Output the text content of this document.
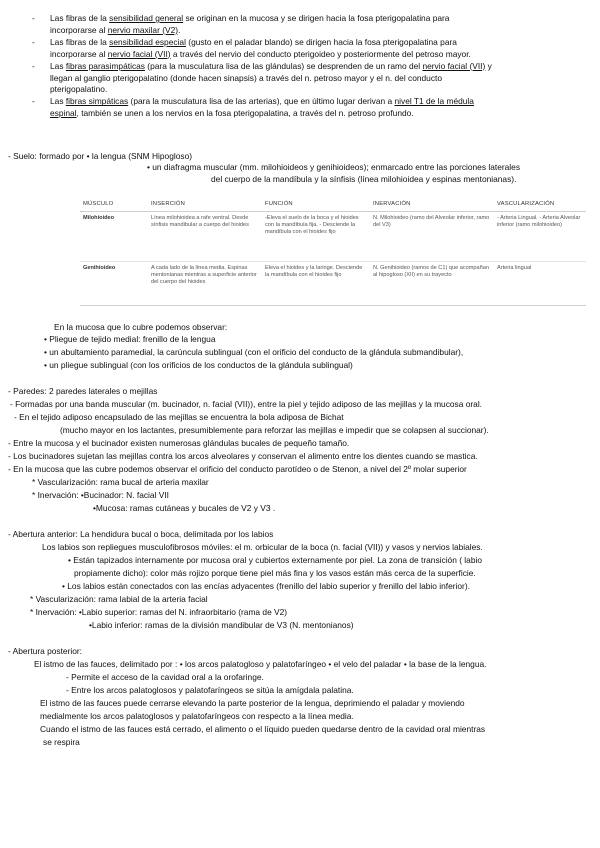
- Las fibras de la sensibilidad general se originan en la mucosa y se dirigen hacia la fosa pterigopalatina para
incorporarse al nervio maxilar (V2).
- Las fibras de la sensibilidad especial (gusto en el paladar blando) se dirigen hacia la fosa pterigopalatina para
incorporarse al nervio facial (VII) a través del nervio del conducto pterigoideo y posteriormente del petroso mayor.
- Las fibras parasimpáticas (para la musculatura lisa de las glándulas) se desprenden de un ramo del nervio facial (VII) y
llegan al ganglio pterigopalatino (donde hacen sinapsis) a través del n. petroso mayor y el n. del conducto
pterigopalatino.
- Las fibras simpáticas (para la musculatura lisa de las arterias), que en último lugar derivan a nivel T1 de la médula
espinal, también se unen a los nervios en la fosa pterigopalatina, a través del n. petroso profundo.
- Suelo: formado por • la lengua (SNM Hipogloso)
• un diafragma muscular (mm. milohioideos y genihioideos); enmarcado entre las porciones laterales
del cuerpo de la mandíbula y la sínfisis (línea milohioidea y espinas mentonianas).
MÚSCULO	INSERCIÓN	FUNCIÓN	INERVACIÓN	VASCULARIZACIÓN
Milohioideo	Línea milohioidea a rafe ventral. Desde sínfisis mandibular a cuerpo del hioides	-Eleva el suelo de la boca y el hioides con la mandíbula fija. - Desciende la mandíbula con el hioides fijo	N. Milohioideo (ramo del Alveolar inferior, ramo del V3)	- Arteria Lingual. - Arteria Alveolar inferior (ramo milohioideo)
Genihioideo	A cada lado de la línea media. Espinas mentonianas mientras a superficie anterior del cuerpo del hioides	Eleva el hioides y la laringe. Desciende la mandíbula con el hioides fijo	N. Genihioideo (ramos de C1) que acompañan al hipogloso (XII) en su trayecto	Arteria lingual
En la mucosa que lo cubre podemos observar:
• Pliegue de tejido medial: frenillo de la lengua
• un abultamiento paramedial, la carúncula sublingual (con el orificio del conducto de la glándula submandibular),
• un pliegue sublingual (con los orificios de los conductos de la glándula sublingual)
- Paredes: 2 paredes laterales o mejillas
- Formadas por una banda muscular (m. bucinador, n. facial (VII)), entre la piel y tejido adiposo de las mejillas y la mucosa oral.
- En el tejido adiposo encapsulado de las mejillas se encuentra la bola adiposa de Bichat
(mucho mayor en los lactantes, presumiblemente para reforzar las mejillas e impedir que se colapsen al succionar).
- Entre la mucosa y el bucinador existen numerosas glándulas bucales de pequeño tamaño.
- Los bucinadores sujetan las mejillas contra los arcos alveolares y conservan el alimento entre los dientes cuando se mastica.
- En la mucosa que las cubre podemos observar el orificio del conducto parotídeo o de Stenon, a nivel del 2º molar superior
* Vascularización: rama bucal de arteria maxilar
* Inervación: •Bucinador: N. facial VII
•Mucosa: ramas cutáneas y bucales de V2 y V3 .
- Abertura anterior: La hendidura bucal o boca, delimitada por los labios
Los labios son repliegues musculofibrosos móviles: el m. orbicular de la boca (n. facial (VII)) y vasos y nervios labiales.
• Están tapizados internamente por mucosa oral y cubiertos externamente por piel. La zona de transición ( labio
propiamente dicho): color más rojizo porque tiene piel más fina y los vasos están más cerca de la superficie.
• Los labios están conectados con las encías adyacentes (frenillo del labio superior y frenillo del labio inferior).
* Vascularización: rama labial de la arteria facial
* Inervación: •Labio superior: ramas del N. infraorbitario (rama de V2)
•Labio inferior: ramas de la división mandibular de V3 (N. mentonianos)
- Abertura posterior:
El istmo de las fauces, delimitado por : • los arcos palatogloso y palatofaríngeo • el velo del paladar • la base de la lengua.
- Permite el acceso de la cavidad oral a la orofaringe.
- Entre los arcos palatoglosos y palatofaríngeos se sitúa la amígdala palatina.
El istmo de las fauces puede cerrarse elevando la parte posterior de la lengua, deprimiendo el paladar y moviendo
medialmente los arcos palatoglosos y palatofaríngeos con respecto a la línea media.
Cuando el istmo de las fauces está cerrado, el alimento o el líquido pueden quedarse dentro de la cavidad oral mientras
se respira
